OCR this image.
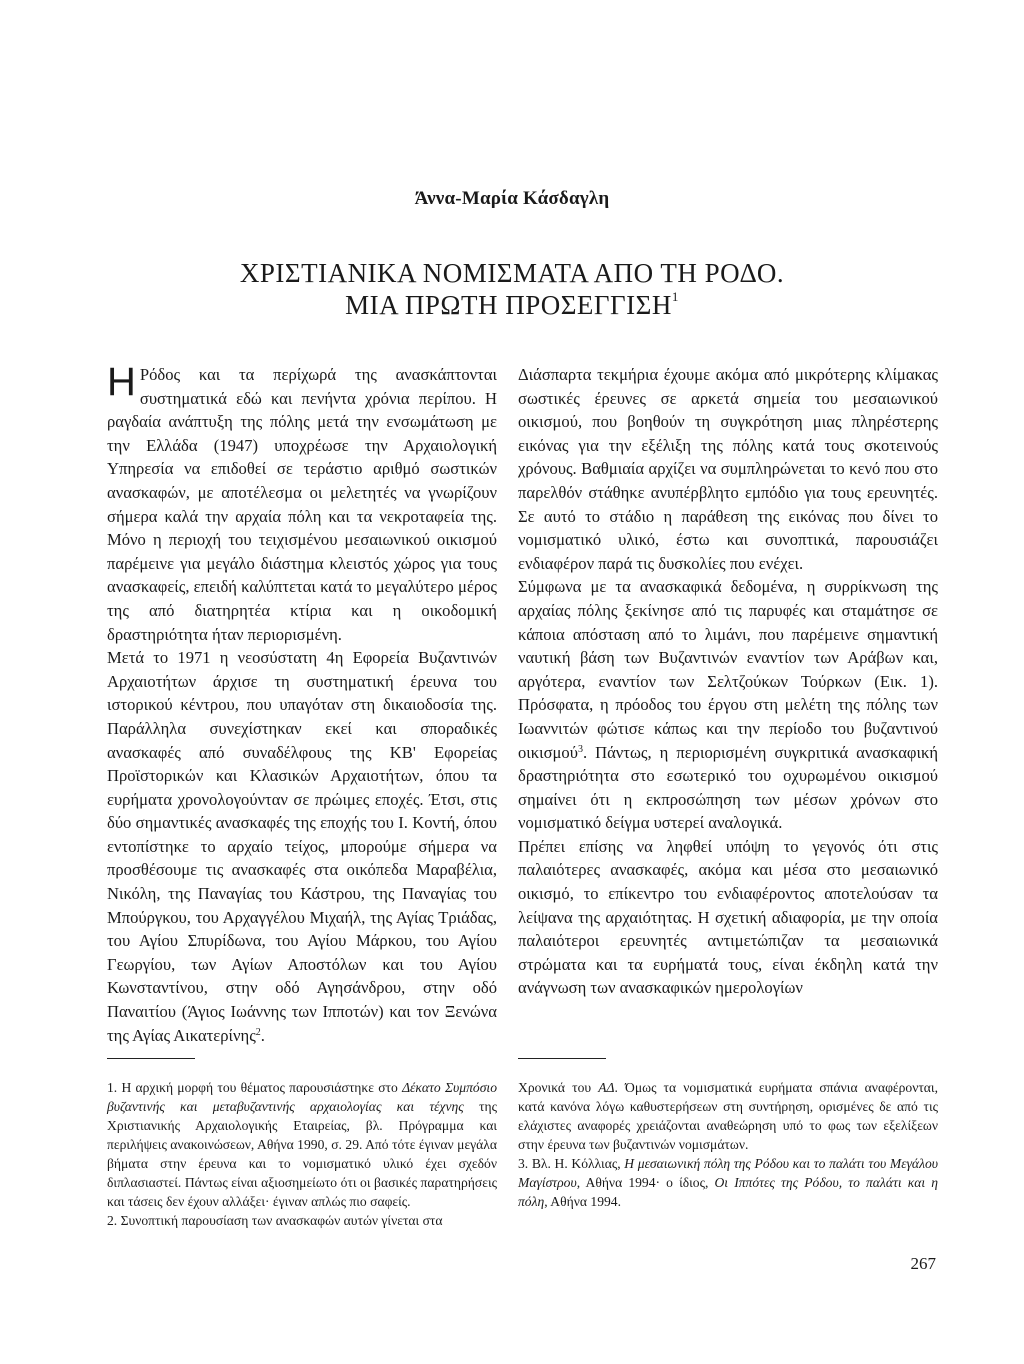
Άννα-Μαρία Κάσδαγλη
ΧΡΙΣΤΙΑΝΙΚΑ ΝΟΜΙΣΜΑΤΑ ΑΠΟ ΤΗ ΡΟΔΟ.
ΜΙΑ ΠΡΩΤΗ ΠΡΟΣΕΓΓΙΣΗ$^1$

Η Ρόδος και τα περίχωρά της ανασκάπτονται συστηματικά εδώ και πενήντα χρόνια περίπου. Η ραγδαία ανάπτυξη της πόλης μετά την ενσωμάτωση με την Ελλάδα (1947) υποχρέωσε την Αρχαιολογική Υπηρεσία να επιδοθεί σε τεράστιο αριθμό σωστικών ανασκαφών, με αποτέλεσμα οι μελετητές να γνωρίζουν σήμερα καλά την αρχαία πόλη και τα νεκροταφεία της. Μόνο η περιοχή του τειχισμένου μεσαιωνικού οικισμού παρέμεινε για μεγάλο διάστημα κλειστός χώρος για τους ανασκαφείς, επειδή καλύπτεται κατά το μεγαλύτερο μέρος της από διατηρητέα κτίρια και η οικοδομική δραστηριότητα ήταν περιορισμένη.

Μετά το 1971 η νεοσύστατη 4η Εφορεία Βυζαντινών Αρχαιοτήτων άρχισε τη συστηματική έρευνα του ιστορικού κέντρου, που υπαγόταν στη δικαιοδοσία της. Παράλληλα συνεχίστηκαν εκεί και σποραδικές ανασκαφές από συναδέλφους της ΚΒ' Εφορείας Προϊστορικών και Κλασικών Αρχαιοτήτων, όπου τα ευρήματα χρονολογούνταν σε πρώιμες εποχές. Έτσι, στις δύο σημαντικές ανασκαφές της εποχής του Ι. Κοντή, όπου εντοπίστηκε το αρχαίο τείχος, μπορούμε σήμερα να προσθέσουμε τις ανασκαφές στα οικόπεδα Μαραβέλια, Νικόλη, της Παναγίας του Κάστρου, της Παναγίας του Μπούργκου, του Αρχαγγέλου Μιχαήλ, της Αγίας Τριάδας, του Αγίου Σπυρίδωνα, του Αγίου Μάρκου, του Αγίου Γεωργίου, των Αγίων Αποστόλων και του Αγίου Κωνσταντίνου, στην οδό Αγησάνδρου, στην οδό Παναιτίου (Άγιος Ιωάννης των Ιπποτών) και τον Ξενώνα της Αγίας Αικατερίνης$^2$.

Διάσπαρτα τεκμήρια έχουμε ακόμα από μικρότερης κλίμακας σωστικές έρευνες σε αρκετά σημεία του μεσαιωνικού οικισμού, που βοηθούν τη συγκρότηση μιας πληρέστερης εικόνας για την εξέλιξη της πόλης κατά τους σκοτεινούς χρόνους. Βαθμιαία αρχίζει να συμπληρώνεται το κενό που στο παρελθόν στάθηκε ανυπέρβλητο εμπόδιο για τους ερευνητές. Σε αυτό το στάδιο η παράθεση της εικόνας που δίνει το νομισματικό υλικό, έστω και συνοπτικά, παρουσιάζει ενδιαφέρον παρά τις δυσκολίες που ενέχει.

Σύμφωνα με τα ανασκαφικά δεδομένα, η συρρίκνωση της αρχαίας πόλης ξεκίνησε από τις παρυφές και σταμάτησε σε κάποια απόσταση από το λιμάνι, που παρέμεινε σημαντική ναυτική βάση των Βυζαντινών εναντίον των Αράβων και, αργότερα, εναντίον των Σελτζούκων Τούρκων (Εικ. 1). Πρόσφατα, η πρόοδος του έργου στη μελέτη της πόλης των Ιωαννιτών φώτισε κάπως και την περίοδο του βυζαντινού οικισμού$^3$. Πάντως, η περιορισμένη συγκριτικά ανασκαφική δραστηριότητα στο εσωτερικό του οχυρωμένου οικισμού σημαίνει ότι η εκπροσώπηση των μέσων χρόνων στο νομισματικό δείγμα υστερεί αναλογικά.

Πρέπει επίσης να ληφθεί υπόψη το γεγονός ότι στις παλαιότερες ανασκαφές, ακόμα και μέσα στο μεσαιωνικό οικισμό, το επίκεντρο του ενδιαφέροντος αποτελούσαν τα λείψανα της αρχαιότητας. Η σχετική αδιαφορία, με την οποία παλαιότεροι ερευνητές αντιμετώπιζαν τα μεσαιωνικά στρώματα και τα ευρήματά τους, είναι έκδηλη κατά την ανάγνωση των ανασκαφικών ημερολογίων

1. Η αρχική μορφή του θέματος παρουσιάστηκε στο Δέκατο Συμπόσιο βυζαντινής και μεταβυζαντινής αρχαιολογίας και τέχνης της Χριστιανικής Αρχαιολογικής Εταιρείας, βλ. Πρόγραμμα και περιλήψεις ανακοινώσεων, Αθήνα 1990, σ. 29. Από τότε έγιναν μεγάλα βήματα στην έρευνα και το νομισματικό υλικό έχει σχεδόν διπλασιαστεί. Πάντως είναι αξιοσημείωτο ότι οι βασικές παρατηρήσεις και τάσεις δεν έχουν αλλάξει· έγιναν απλώς πιο σαφείς.

2. Συνοπτική παρουσίαση των ανασκαφών αυτών γίνεται στα

Χρονικά του ΑΔ. Όμως τα νομισματικά ευρήματα σπάνια αναφέρονται, κατά κανόνα λόγω καθυστερήσεων στη συντήρηση, ορισμένες δε από τις ελάχιστες αναφορές χρειάζονται αναθεώρηση υπό το φως των εξελίξεων στην έρευνα των βυζαντινών νομισμάτων.

3. Βλ. Η. Κόλλιας, Η μεσαιωνική πόλη της Ρόδου και το παλάτι του Μεγάλου Μαγίστρου, Αθήνα 1994· ο ίδιος, Οι Ιππότες της Ρόδου, το παλάτι και η πόλη, Αθήνα 1994.

267
